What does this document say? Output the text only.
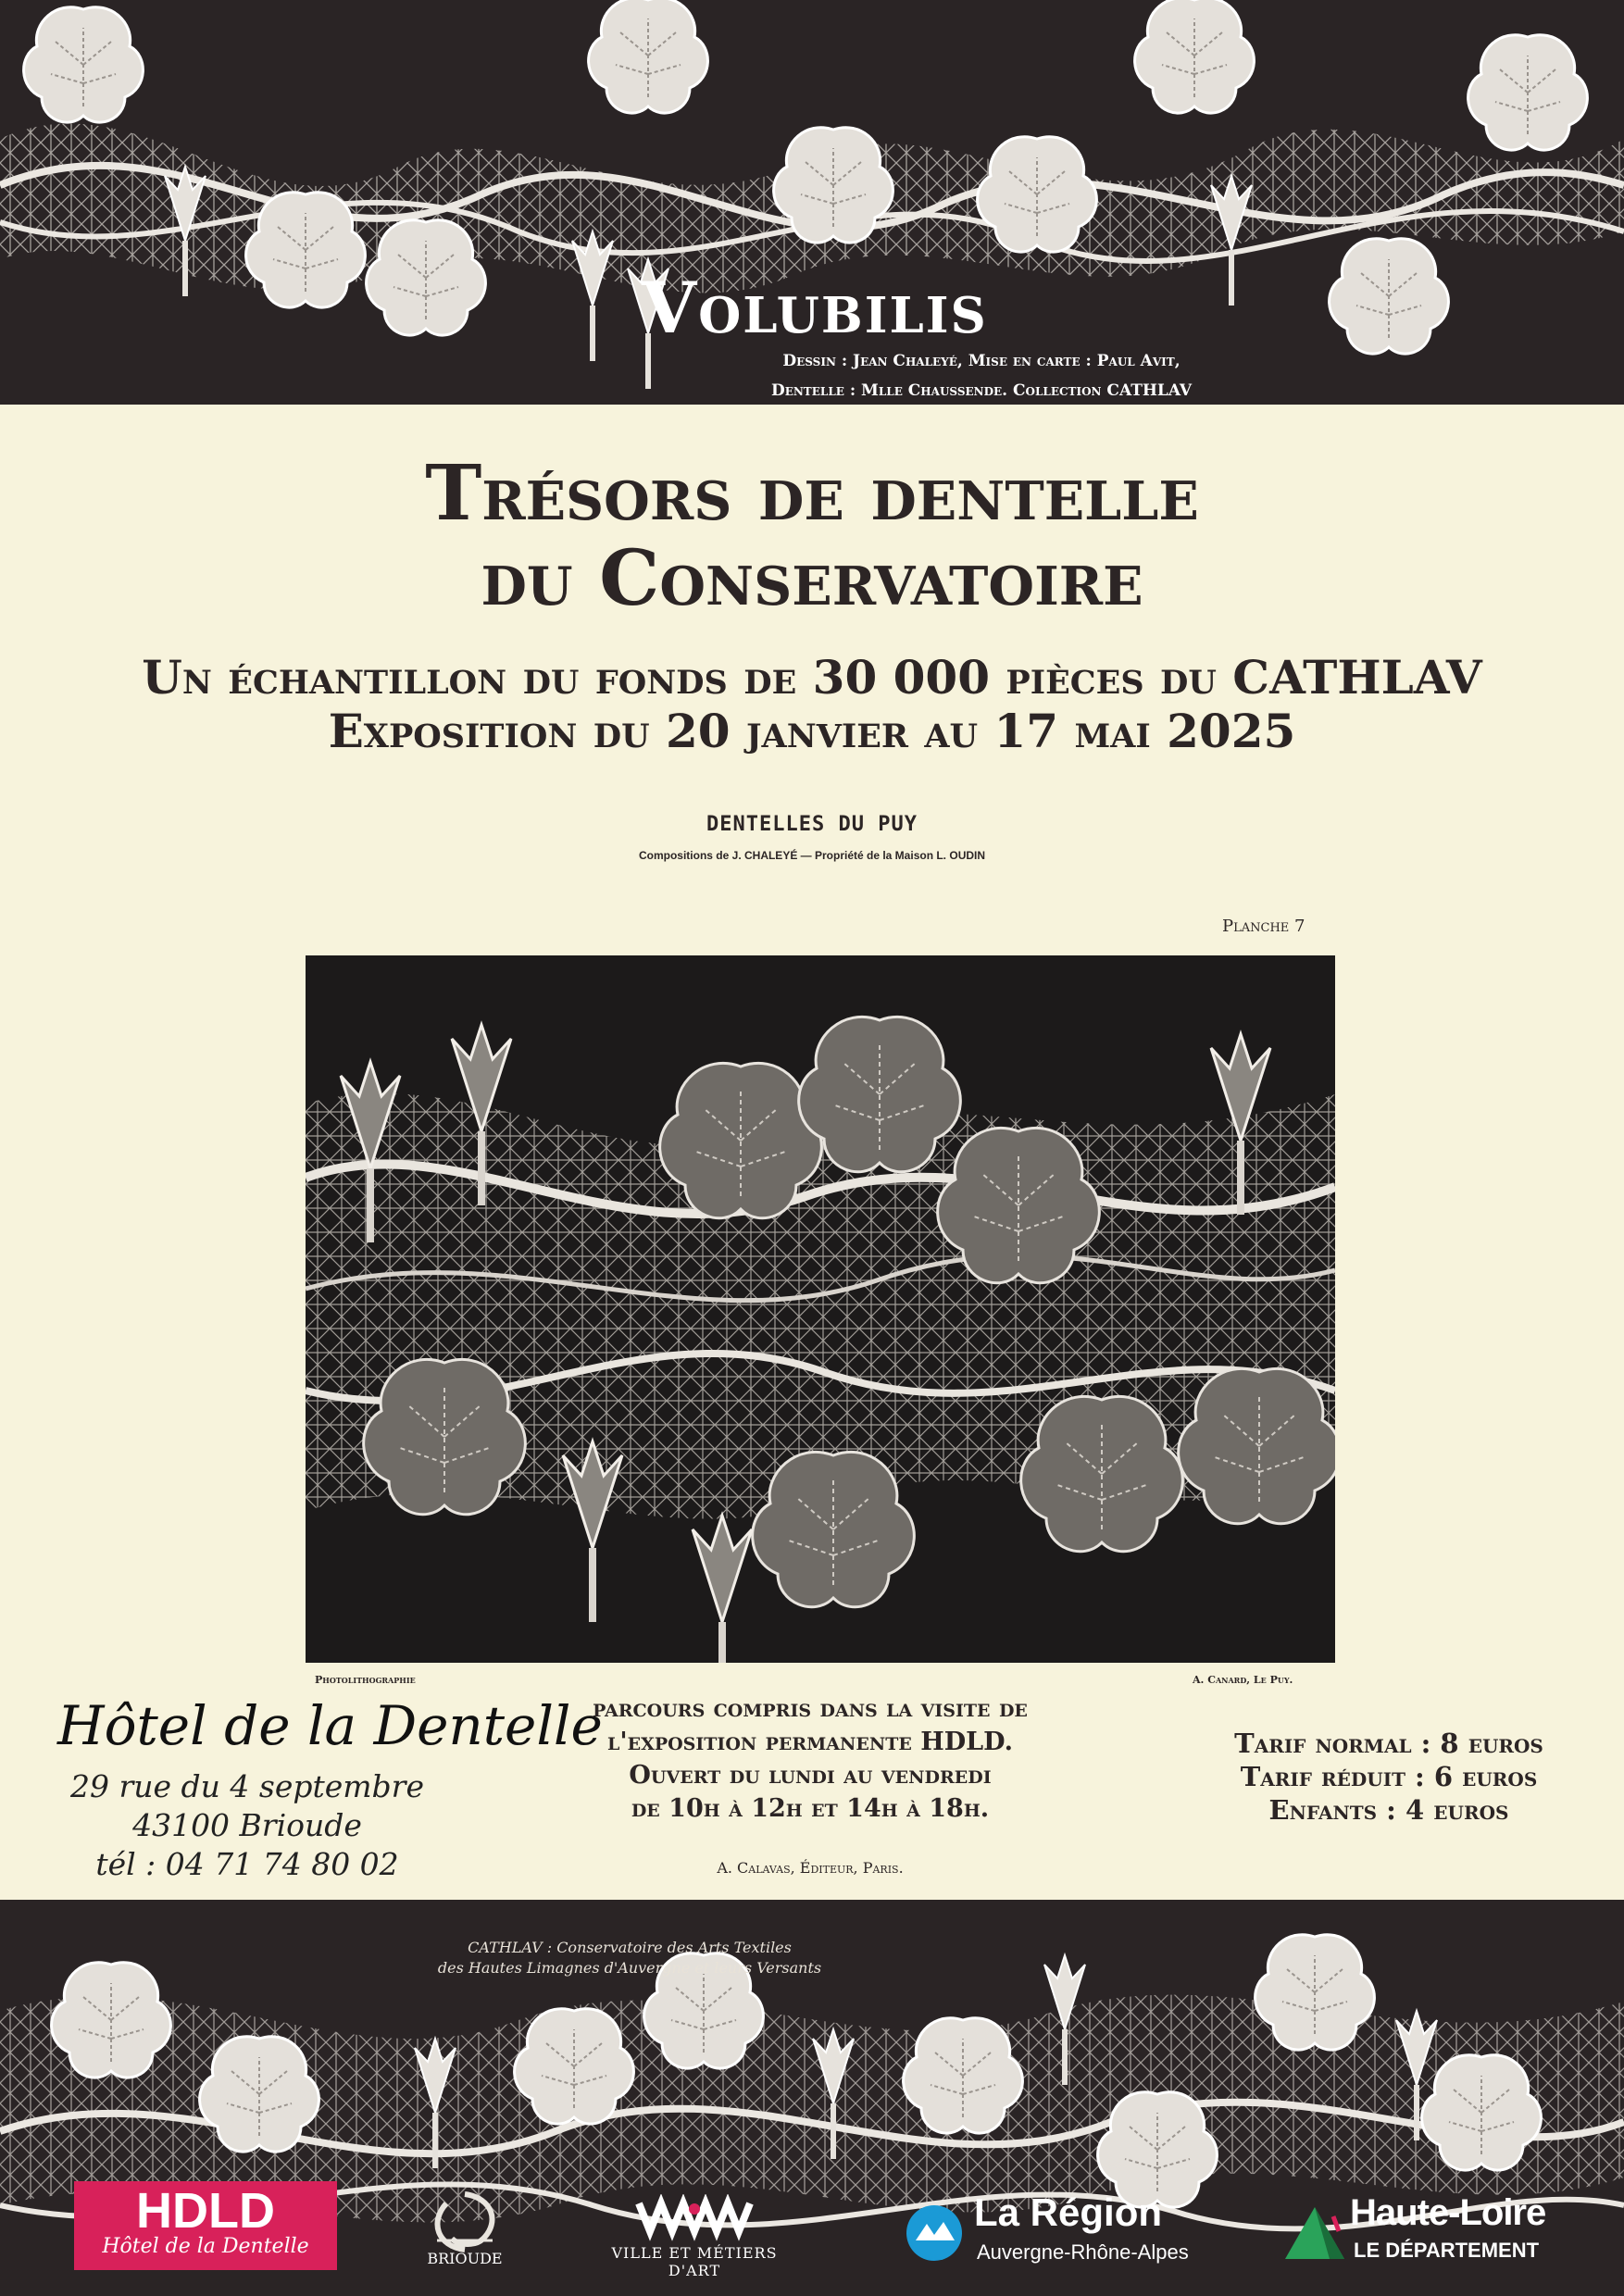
Volubilis
Dessin : Jean Chaleyé, Mise en carte : Paul Avit,
Dentelle : Mlle Chaussende. Collection CATHLAV
Trésors de dentelle
du Conservatoire
Un échantillon du fonds de 30 000 pièces du CATHLAV
Exposition du 20 janvier au 17 mai 2025
DENTELLES DU PUY
Compositions de J. CHALEYÉ — Propriété de la Maison L. OUDIN
Planche 7
Photolithographie	A. Canard, Le Puy.
Hôtel de la Dentelle
29 rue du 4 septembre
43100 Brioude
tél : 04 71 74 80 02
parcours compris dans la visite de
l'exposition permanente HDLD.
Ouvert du lundi au vendredi
de 10h à 12h et 14h à 18h.
A. Calavas, Éditeur, Paris.
Tarif normal : 8 euros
Tarif réduit : 6 euros
Enfants : 4 euros
CATHLAV : Conservatoire des Arts Textiles
des Hautes Limagnes d'Auvergne et leurs Versants
HDLD
Hôtel de la Dentelle
BRIOUDE	VILLE ET MÉTIERS D'ART
La Région
Auvergne-Rhône-Alpes
Haute-Loire
LE DÉPARTEMENT
